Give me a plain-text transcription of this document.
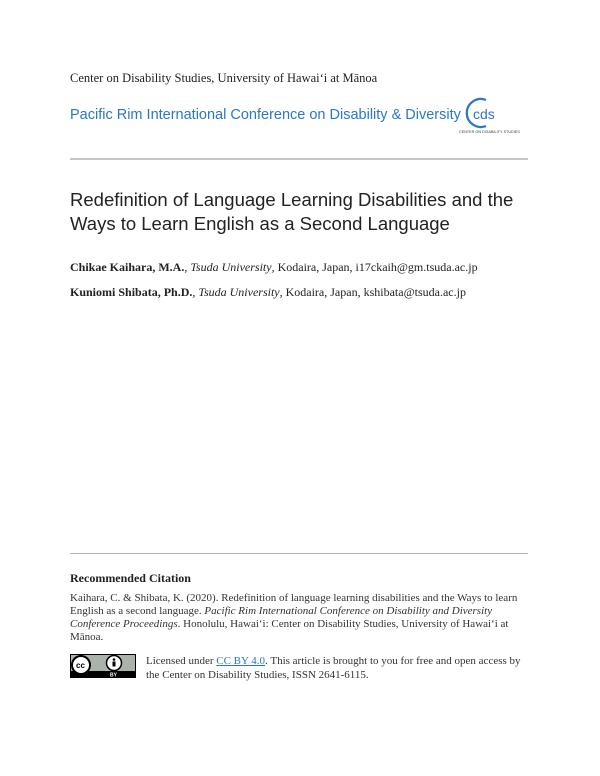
Center on Disability Studies, University of Hawaiʻi at Mānoa
Pacific Rim International Conference on Disability & Diversity cds
CENTER ON DISABILITY STUDIES
Redefinition of Language Learning Disabilities and the Ways to Learn English as a Second Language
Chikae Kaihara, M.A., Tsuda University, Kodaira, Japan, i17ckaih@gm.tsuda.ac.jp
Kuniomi Shibata, Ph.D., Tsuda University, Kodaira, Japan, kshibata@tsuda.ac.jp
Recommended Citation
Kaihara, C. & Shibata, K. (2020). Redefinition of language learning disabilities and the Ways to learn English as a second language. Pacific Rim International Conference on Disability and Diversity Conference Proceedings. Honolulu, Hawaiʻi: Center on Disability Studies, University of Hawaiʻi at Mānoa.
cc
BY
Licensed under CC BY 4.0. This article is brought to you for free and open access by the Center on Disability Studies, ISSN 2641-6115.
